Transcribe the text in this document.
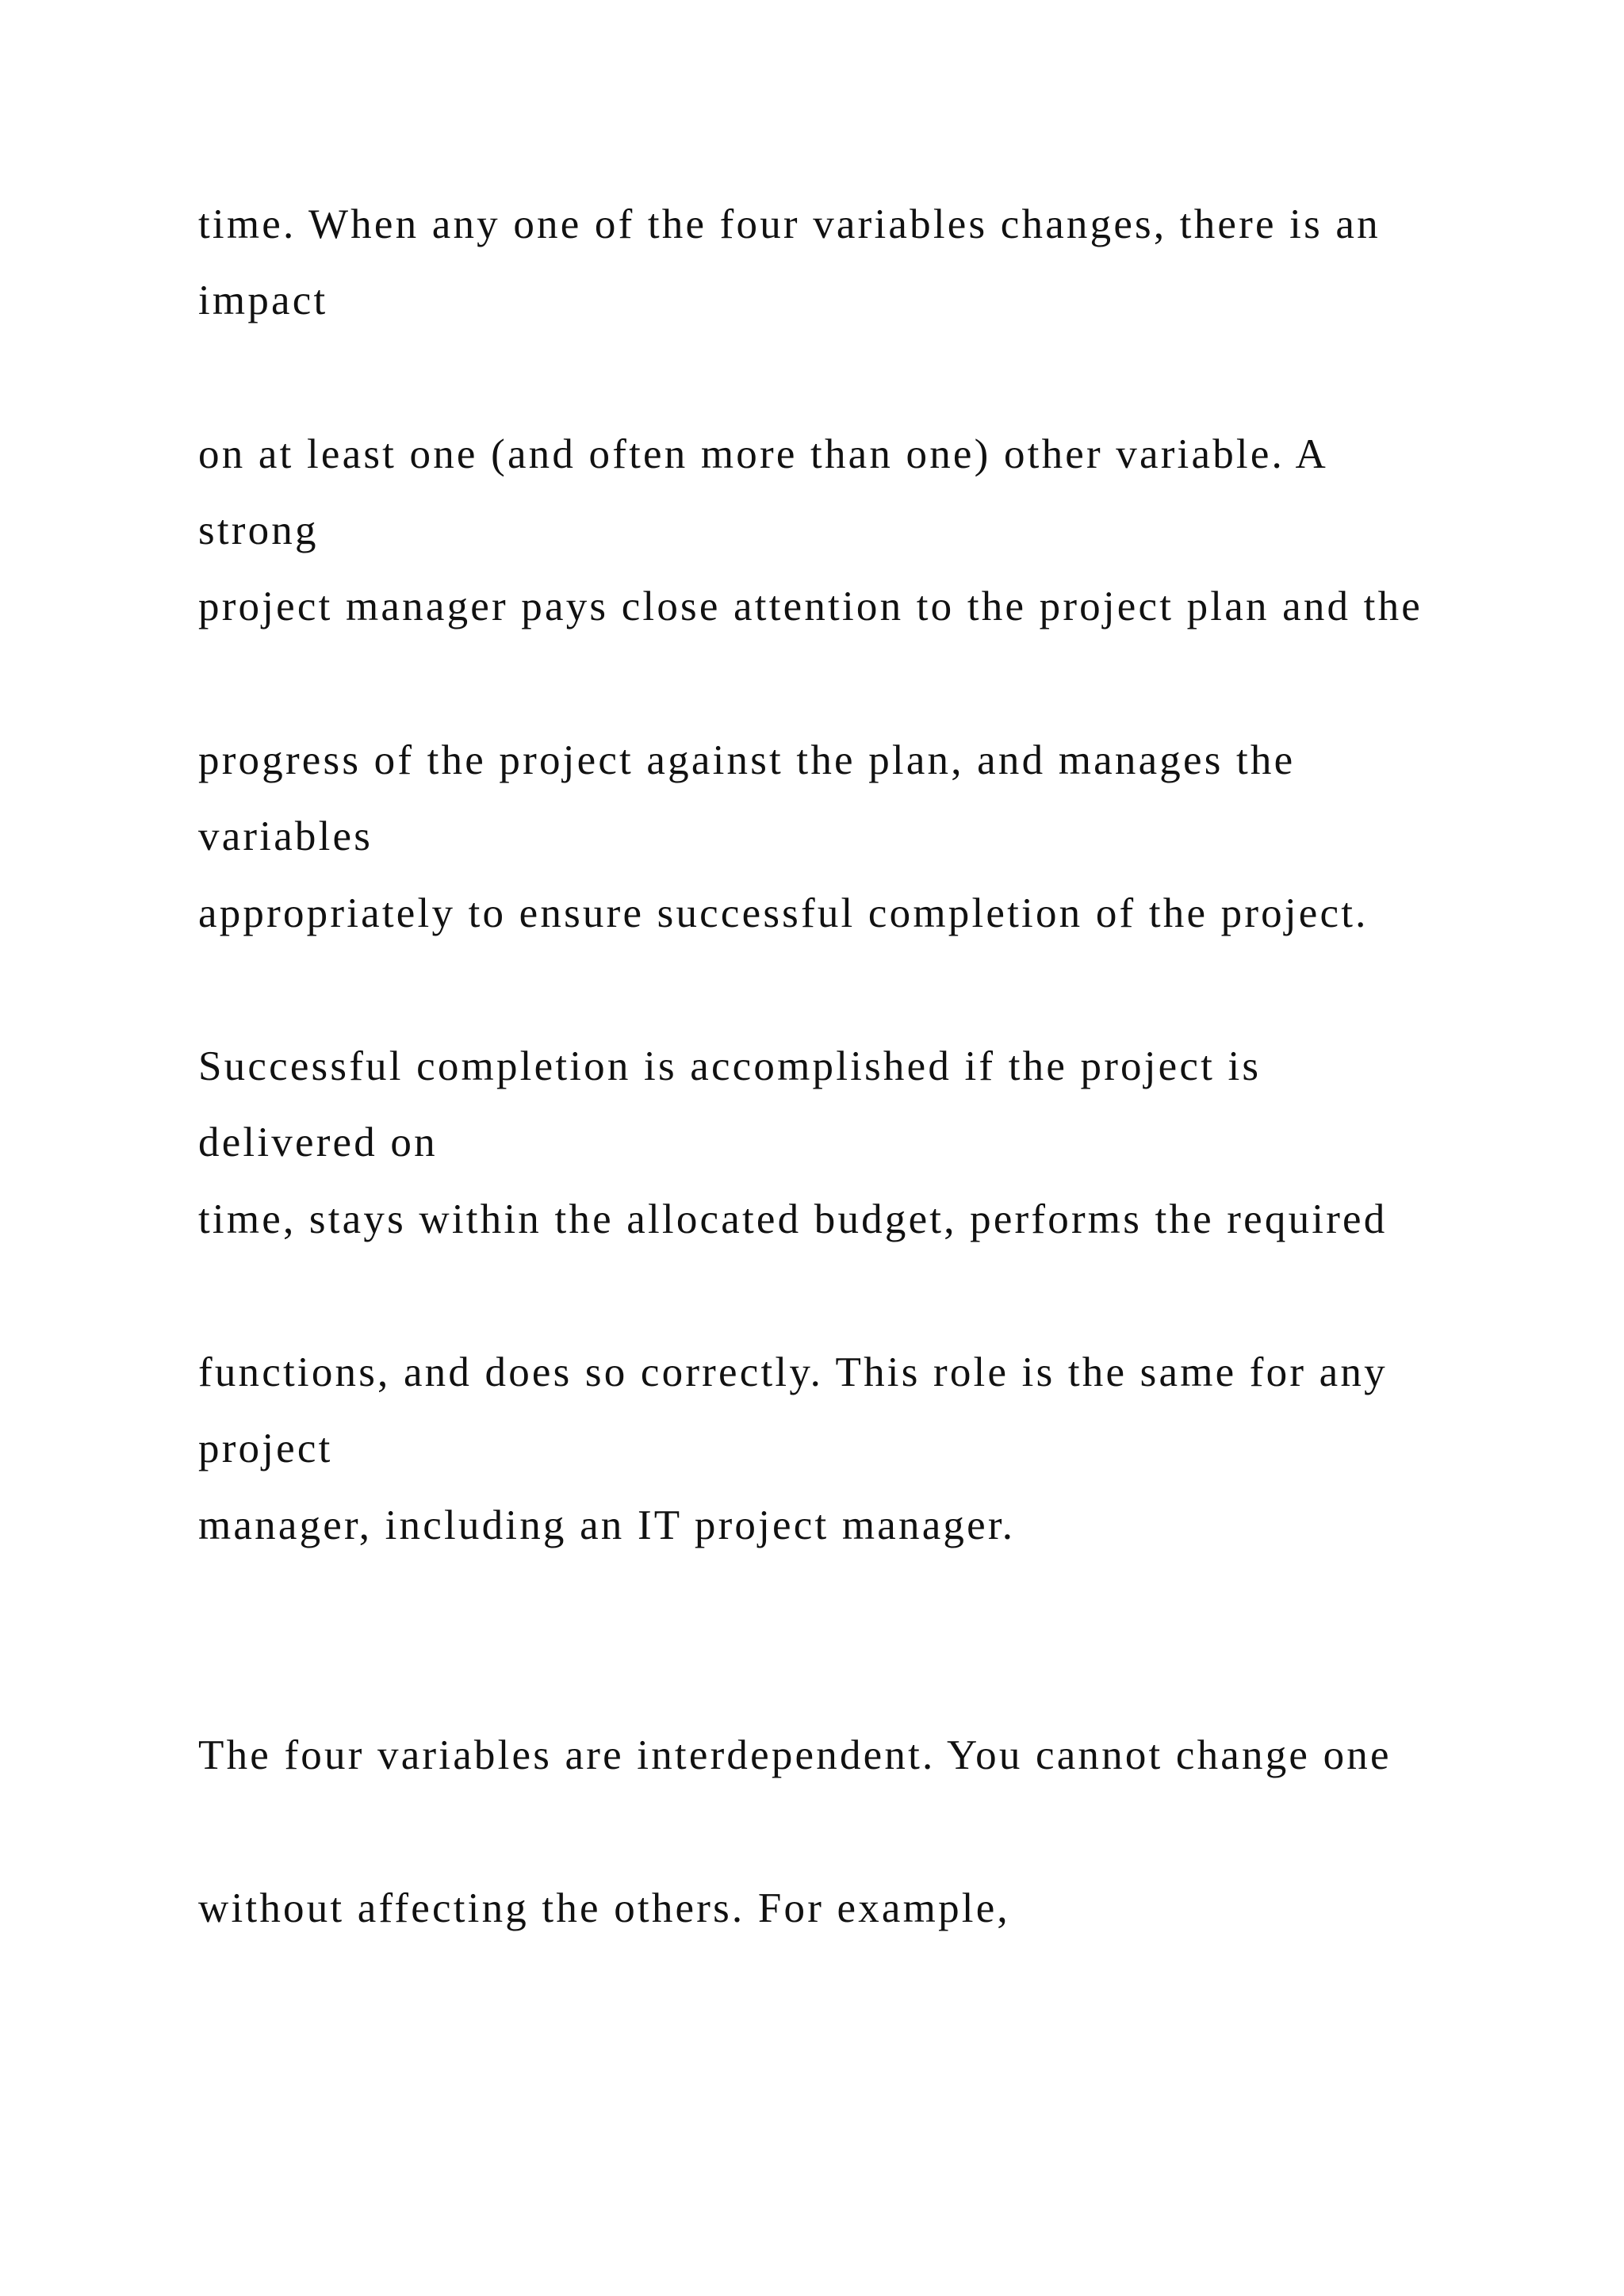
time. When any one of the four variables changes, there is an

impact

on at least one (and often more than one) other variable. A

strong

project manager pays close attention to the project plan and the

progress of the project against the plan, and manages the

variables

appropriately to ensure successful completion of the project.

Successful completion is accomplished if the project is

delivered on

time, stays within the allocated budget, performs the required

functions, and does so correctly. This role is the same for any

project

manager, including an IT project manager.

The four variables are interdependent. You cannot change one

without affecting the others. For example,
